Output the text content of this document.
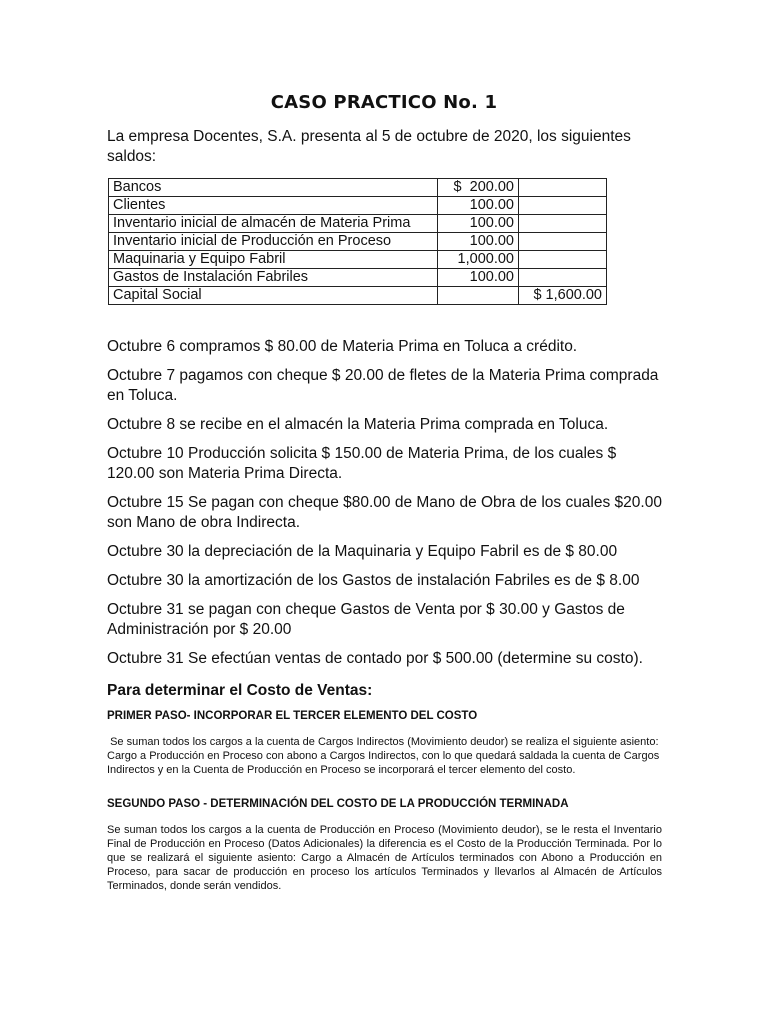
CASO PRACTICO No. 1
La empresa Docentes, S.A. presenta al 5 de octubre de 2020, los siguientes saldos:
Bancos	$  200.00	
Clientes	100.00	
Inventario inicial de almacén de Materia Prima	100.00	
Inventario inicial de Producción en Proceso	100.00	
Maquinaria y Equipo Fabril	1,000.00	
Gastos de Instalación Fabriles	100.00	
Capital Social		$ 1,600.00

Octubre 6 compramos $ 80.00 de Materia Prima en Toluca a crédito.

Octubre 7 pagamos con cheque $ 20.00 de fletes de la Materia Prima comprada en Toluca.

Octubre 8 se recibe en el almacén la Materia Prima comprada en Toluca.

Octubre 10 Producción solicita $ 150.00 de Materia Prima, de los cuales $ 120.00 son Materia Prima Directa.

Octubre 15 Se pagan con cheque $80.00 de Mano de Obra de los cuales $20.00 son Mano de obra Indirecta.

Octubre 30 la depreciación de la Maquinaria y Equipo Fabril es de $ 80.00

Octubre 30 la amortización de los Gastos de instalación Fabriles es de $ 8.00

Octubre 31 se pagan con cheque Gastos de Venta por $ 30.00 y Gastos de Administración por $ 20.00

Octubre 31 Se efectúan ventas de contado por $ 500.00 (determine su costo).

Para determinar el Costo de Ventas:
PRIMER PASO- INCORPORAR EL TERCER ELEMENTO DEL COSTO
Se suman todos los cargos a la cuenta de Cargos Indirectos (Movimiento deudor) se realiza el siguiente asiento: Cargo a Producción en Proceso con abono a Cargos Indirectos, con lo que quedará saldada la cuenta de Cargos Indirectos y en la Cuenta de Producción en Proceso se incorporará el tercer elemento del costo.
SEGUNDO PASO - DETERMINACIÓN DEL COSTO DE LA PRODUCCIÓN TERMINADA
Se suman todos los cargos a la cuenta de Producción en Proceso (Movimiento deudor), se le resta el Inventario Final de Producción en Proceso (Datos Adicionales) la diferencia es el Costo de la Producción Terminada. Por lo que se realizará el siguiente asiento: Cargo a Almacén de Artículos terminados con Abono a Producción en Proceso, para sacar de producción en proceso los artículos Terminados y llevarlos al Almacén de Artículos Terminados, donde serán vendidos.
